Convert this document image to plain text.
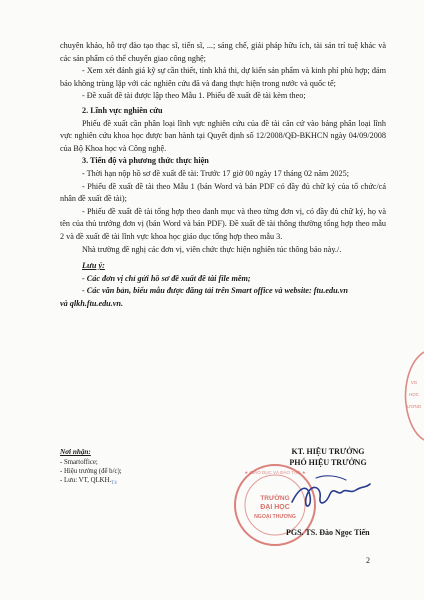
chuyên khảo, hỗ trợ đào tạo thạc sĩ, tiến sĩ, ...; sáng chế, giải pháp hữu ích, tài sản trí tuệ khác và các sản phẩm có thể chuyển giao công nghệ;

- Xem xét đánh giá kỹ sự cần thiết, tính khả thi, dự kiến sản phẩm và kinh phí phù hợp; đảm bảo không trùng lặp với các nghiên cứu đã và đang thực hiện trong nước và quốc tế;

- Đề xuất đề tài được lập theo Mẫu 1. Phiếu đề xuất đề tài kèm theo;

2. Lĩnh vực nghiên cứu

Phiếu đề xuất cần phân loại lĩnh vực nghiên cứu của đề tài căn cứ vào bảng phân loại lĩnh vực nghiên cứu khoa học được ban hành tại Quyết định số 12/2008/QĐ-BKHCN ngày 04/09/2008 của Bộ Khoa học và Công nghệ.

3. Tiến độ và phương thức thực hiện

- Thời hạn nộp hồ sơ đề xuất đề tài: Trước 17 giờ 00 ngày 17 tháng 02 năm 2025;

- Phiếu đề xuất đề tài theo Mẫu 1 (bản Word và bản PDF có đầy đủ chữ ký của tổ chức/cá nhân đề xuất đề tài);

- Phiếu đề xuất đề tài tổng hợp theo danh mục và theo từng đơn vị, có đầy đủ chữ ký, họ và tên của thủ trưởng đơn vị (bản Word và bản PDF). Đề xuất đề tài thông thường tổng hợp theo mẫu 2 và đề xuất đề tài lĩnh vực khoa học giáo dục tổng hợp theo mẫu 3.

Nhà trường đề nghị các đơn vị, viên chức thực hiện nghiên túc thông báo này./.

Lưu ý:

- Các đơn vị chỉ gửi hồ sơ đề xuất đề tài file mềm;

- Các văn bản, biểu mẫu được đăng tải trên Smart office và website: ftu.edu.vn

và qlkh.ftu.edu.vn.

Nơi nhận:
- Smartoffice;
- Hiệu trưởng (để b/c);
- Lưu: VT, $QLKH._{T4}$
KT. HIỆU TRƯỞNG
PHÓ HIỆU TRƯỞNG
TRƯỜNG
ĐẠI HỌC
NGOẠI THƯƠNG
★ GIÁO DỤC VÀ ĐÀO TẠO ★
PGS. TS. Đào Ngọc Tiến
VG
HỌC
ƯƠNG
2
